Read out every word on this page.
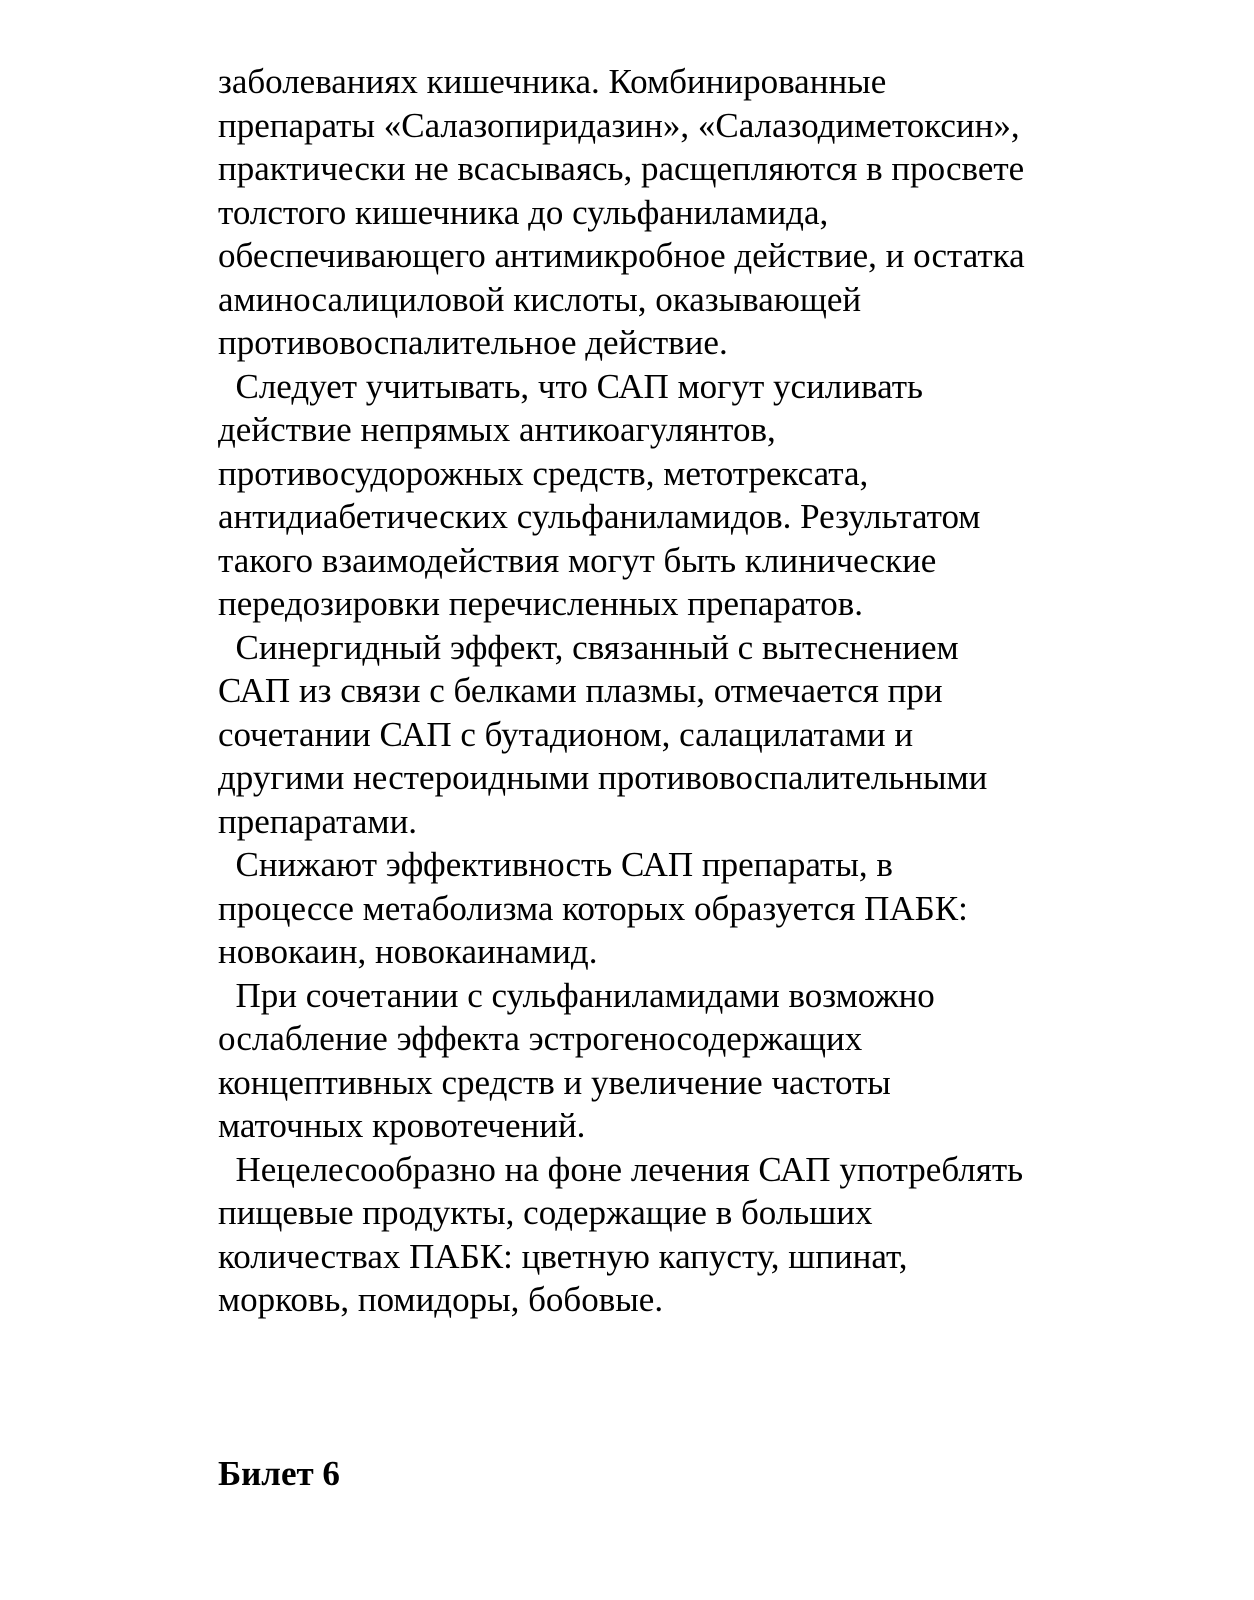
заболеваниях кишечника. Комбинированные
препараты «Салазопиридазин», «Салазодиметоксин»,
практически не всасываясь, расщепляются в просвете
толстого кишечника до сульфаниламида,
обеспечивающего антимикробное действие, и остатка
аминосалициловой кислоты, оказывающей
противовоспалительное действие.
Следует учитывать, что САП могут усиливать
действие непрямых антикоагулянтов,
противосудорожных средств, метотрексата,
антидиабетических сульфаниламидов. Результатом
такого взаимодействия могут быть клинические
передозировки перечисленных препаратов.
Синергидный эффект, связанный с вытеснением
САП из связи с белками плазмы, отмечается при
сочетании САП с бутадионом, салацилатами и
другими нестероидными противовоспалительными
препаратами.
Снижают эффективность САП препараты, в
процессе метаболизма которых образуется ПАБК:
новокаин, новокаинамид.
При сочетании с сульфаниламидами возможно
ослабление эффекта эстрогеносодержащих
концептивных средств и увеличение частоты
маточных кровотечений.
Нецелесообразно на фоне лечения САП употреблять
пищевые продукты, содержащие в больших
количествах ПАБК: цветную капусту, шпинат,
морковь, помидоры, бобовые.
Билет 6
